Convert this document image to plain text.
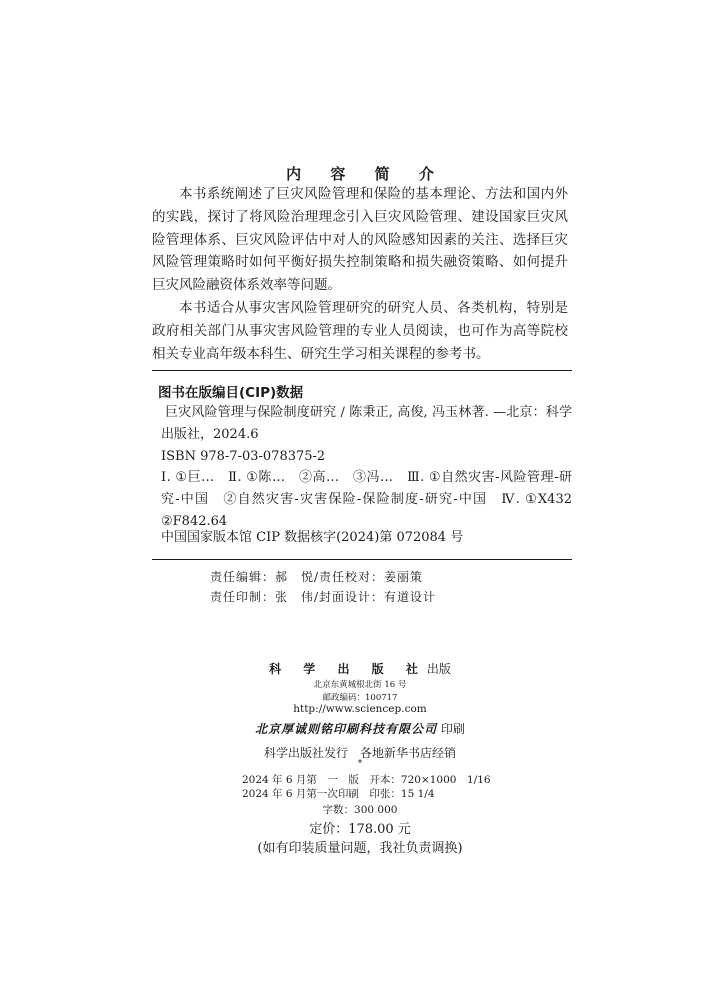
内 容 简 介

本书系统阐述了巨灾风险管理和保险的基本理论、方法和国内外的实践，探讨了将风险治理理念引入巨灾风险管理、建设国家巨灾风险管理体系、巨灾风险评估中对人的风险感知因素的关注、选择巨灾风险管理策略时如何平衡好损失控制策略和损失融资策略、如何提升巨灾风险融资体系效率等问题。

本书适合从事灾害风险管理研究的研究人员、各类机构，特别是政府相关部门从事灾害风险管理的专业人员阅读，也可作为高等院校相关专业高年级本科生、研究生学习相关课程的参考书。

图书在版编目(CIP)数据

巨灾风险管理与保险制度研究 / 陈秉正, 高俊, 冯玉林著. —北京：科学出版社，2024.6

ISBN 978-7-03-078375-2

Ⅰ. ①巨…　Ⅱ. ①陈…　②高…　③冯…　Ⅲ. ①自然灾害-风险管理-研究-中国　②自然灾害-灾害保险-保险制度-研究-中国　Ⅳ. ①X432 ②F842.64

中国国家版本馆 CIP 数据核字(2024)第 072084 号

责任编辑：郝　悦/责任校对：姜丽策
责任印制：张　伟/封面设计：有道设计
科 学 出 版 社出版
北京东黄城根北街 16 号
邮政编码：100717
http://www.sciencep.com
北京厚诚则铭印刷科技有限公司 印刷
科学出版社发行　各地新华书店经销
*
2024 年 6 月第　一　版　开本：720×1000　1/16
2024 年 6 月第一次印刷　印张：15 1/4
字数：300 000
定价：178.00 元
(如有印装质量问题，我社负责调换)
